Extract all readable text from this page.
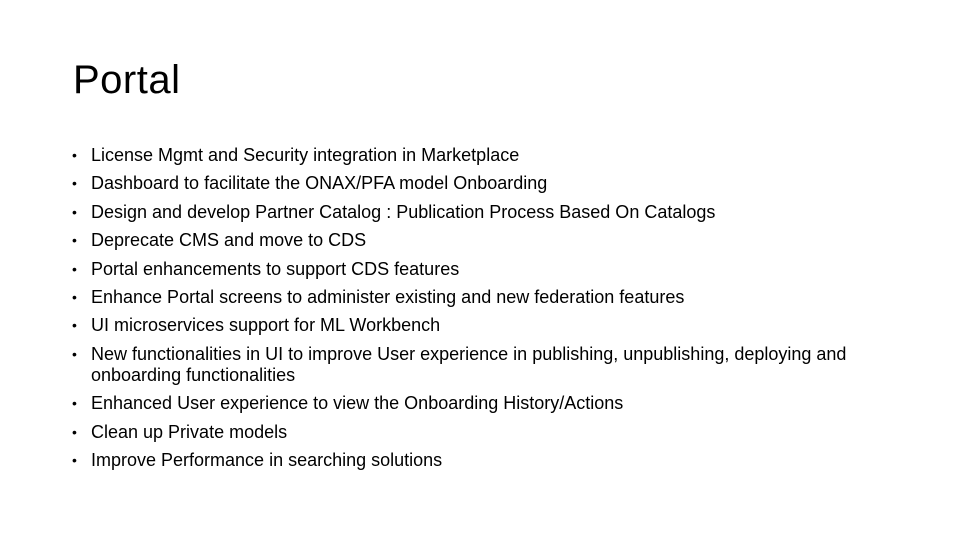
Portal
• License Mgmt and Security integration in Marketplace
• Dashboard to facilitate the ONAX/PFA model Onboarding
• Design and develop Partner Catalog : Publication Process Based On Catalogs
• Deprecate CMS and move to CDS
• Portal enhancements to support CDS features
• Enhance Portal screens to administer existing and new federation features
• UI microservices support for ML Workbench
• New functionalities in UI to improve User experience in publishing, unpublishing, deploying and onboarding functionalities
• Enhanced User experience to view the Onboarding History/Actions
• Clean up Private models
• Improve Performance in searching solutions
